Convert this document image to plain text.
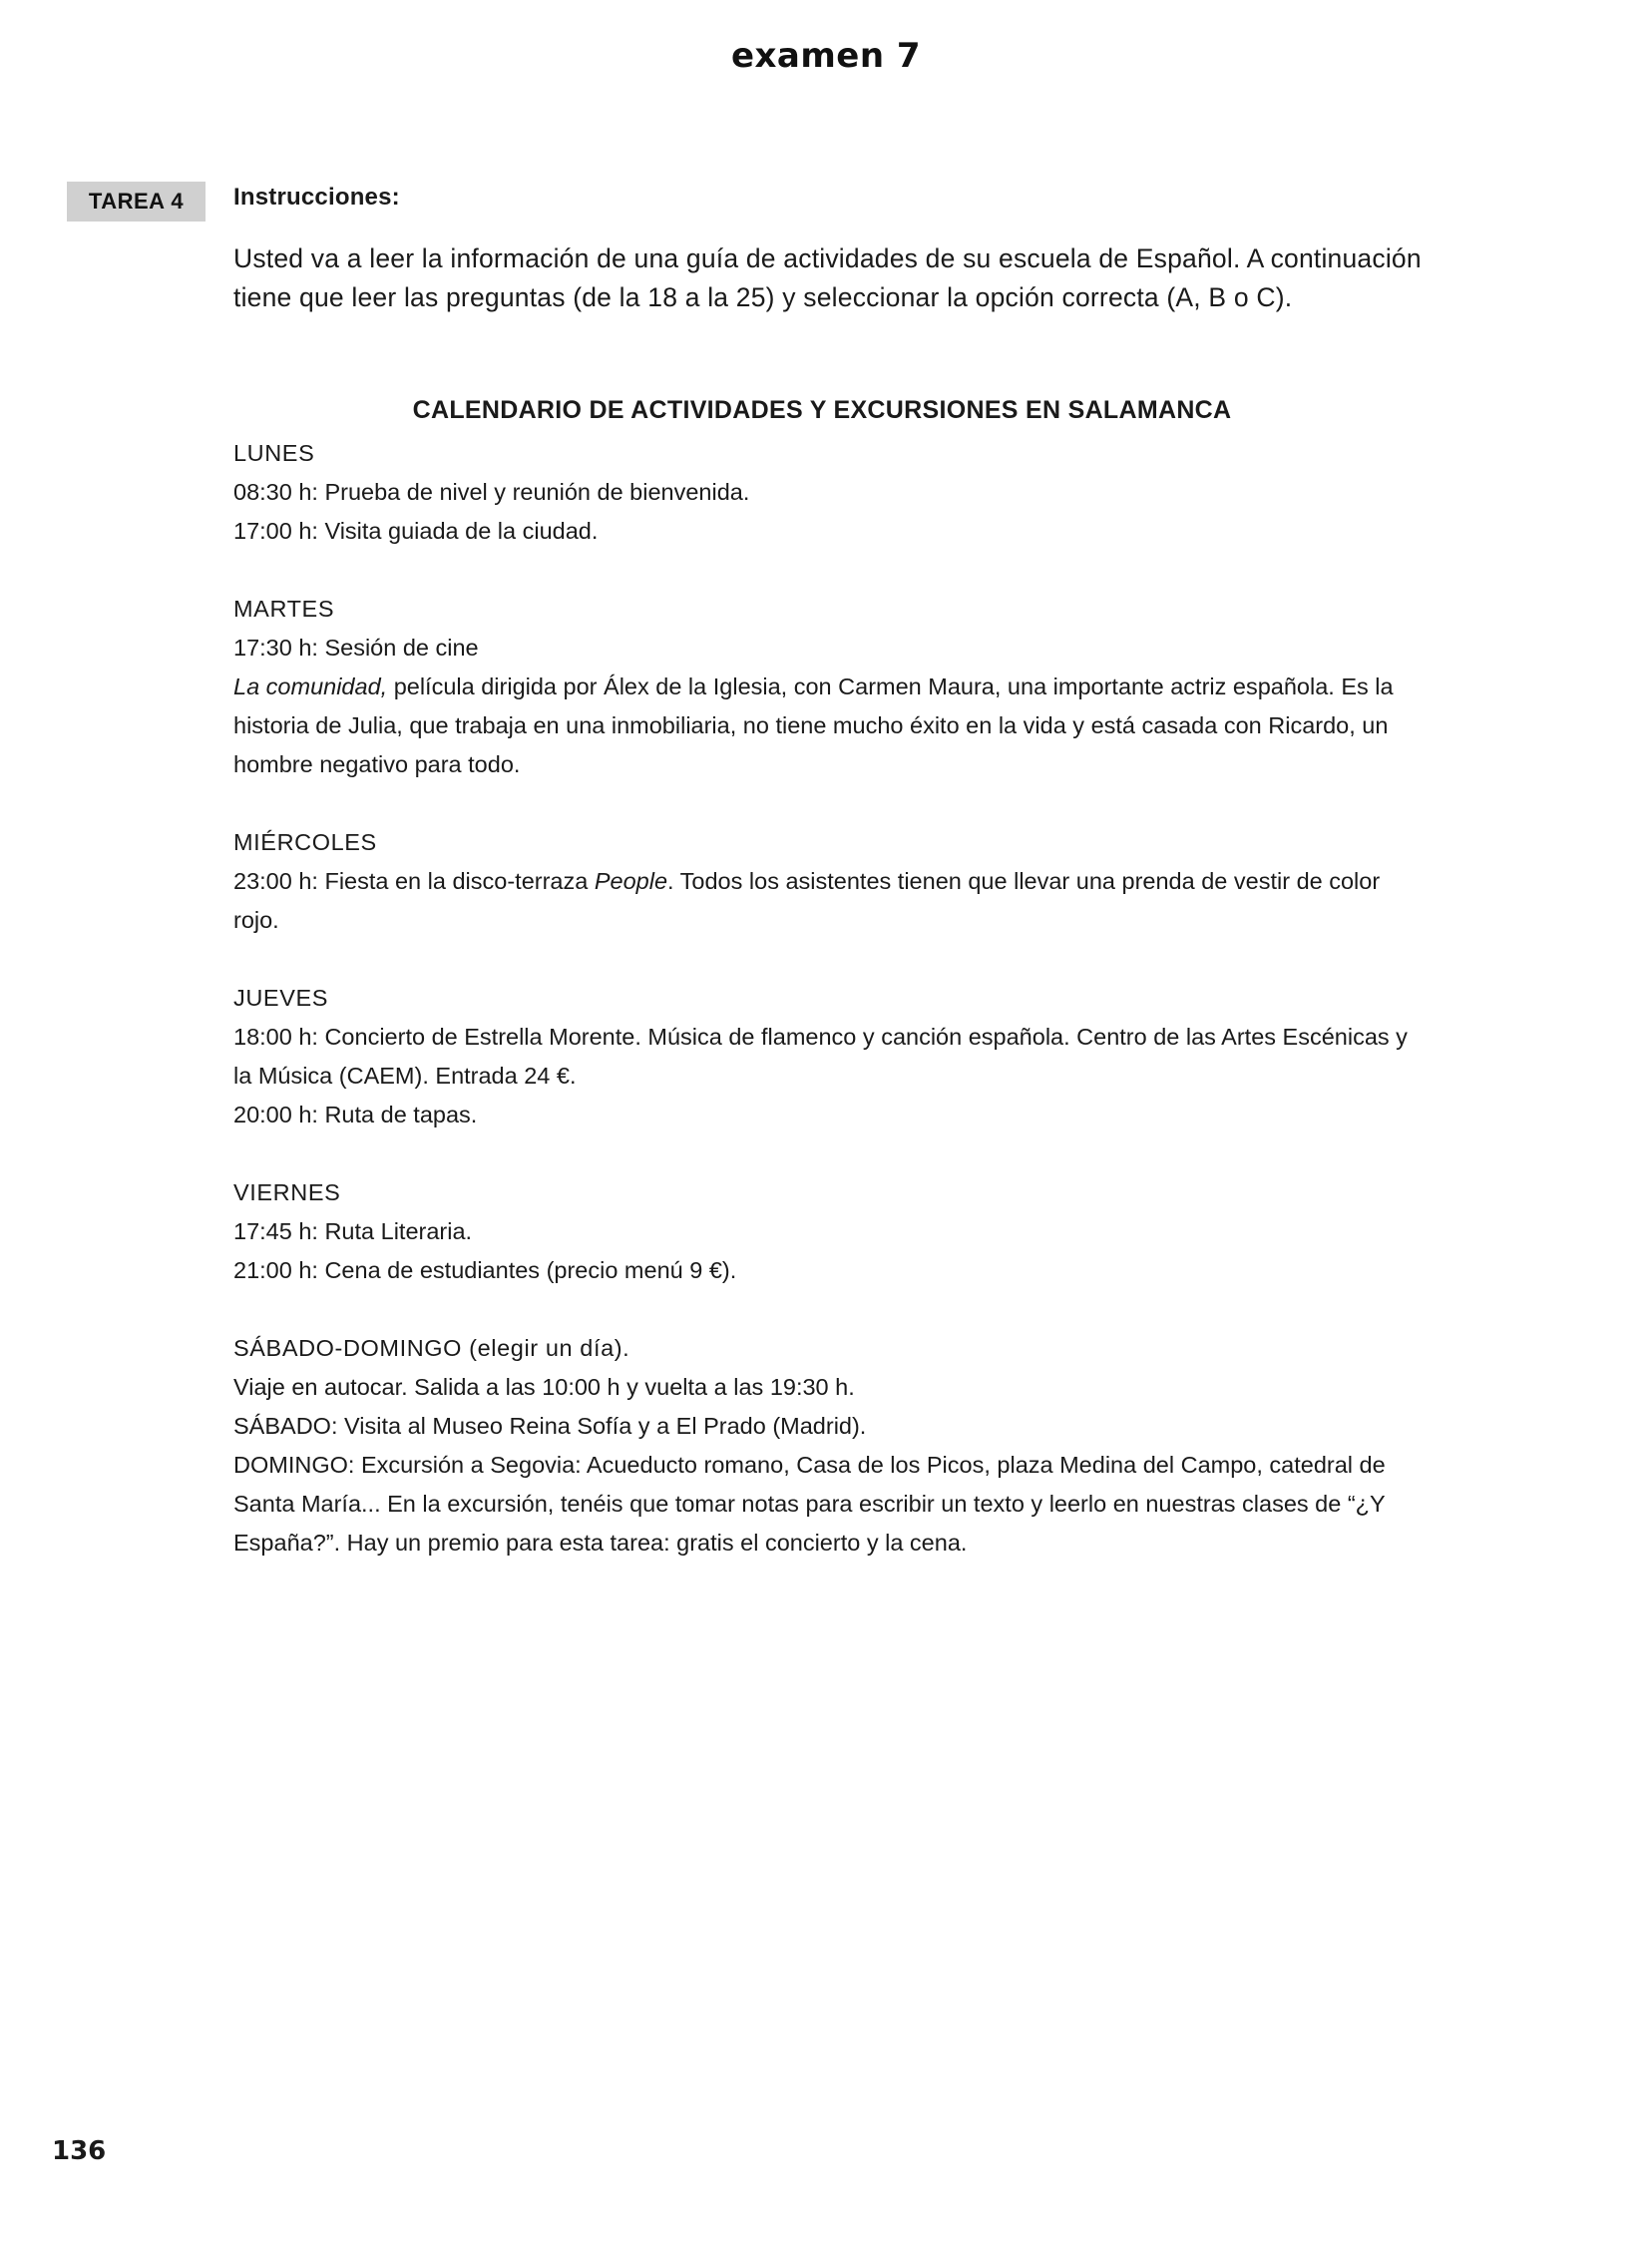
examen 7
TAREA 4	Instrucciones:

Usted va a leer la información de una guía de actividades de su escuela de Español. A continuación tiene que leer las preguntas (de la 18 a la 25) y seleccionar la opción correcta (A, B o C).

CALENDARIO DE ACTIVIDADES Y EXCURSIONES EN SALAMANCA
LUNES
08:30 h: Prueba de nivel y reunión de bienvenida.
17:00 h: Visita guiada de la ciudad.
MARTES
17:30 h: Sesión de cine
La comunidad, película dirigida por Álex de la Iglesia, con Carmen Maura, una importante actriz española. Es la historia de Julia, que trabaja en una inmobiliaria, no tiene mucho éxito en la vida y está casada con Ricardo, un hombre negativo para todo.
MIÉRCOLES
23:00 h: Fiesta en la disco-terraza People. Todos los asistentes tienen que llevar una prenda de vestir de color rojo.
JUEVES
18:00 h: Concierto de Estrella Morente. Música de flamenco y canción española. Centro de las Artes Escénicas y la Música (CAEM). Entrada 24 €.
20:00 h: Ruta de tapas.
VIERNES
17:45 h: Ruta Literaria.
21:00 h: Cena de estudiantes (precio menú 9 €).
SÁBADO-DOMINGO (elegir un día).
Viaje en autocar. Salida a las 10:00 h y vuelta a las 19:30 h.
SÁBADO: Visita al Museo Reina Sofía y a El Prado (Madrid).
DOMINGO: Excursión a Segovia: Acueducto romano, Casa de los Picos, plaza Medina del Campo, catedral de Santa María... En la excursión, tenéis que tomar notas para escribir un texto y leerlo en nuestras clases de “¿Y España?”. Hay un premio para esta tarea: gratis el concierto y la cena.
136
